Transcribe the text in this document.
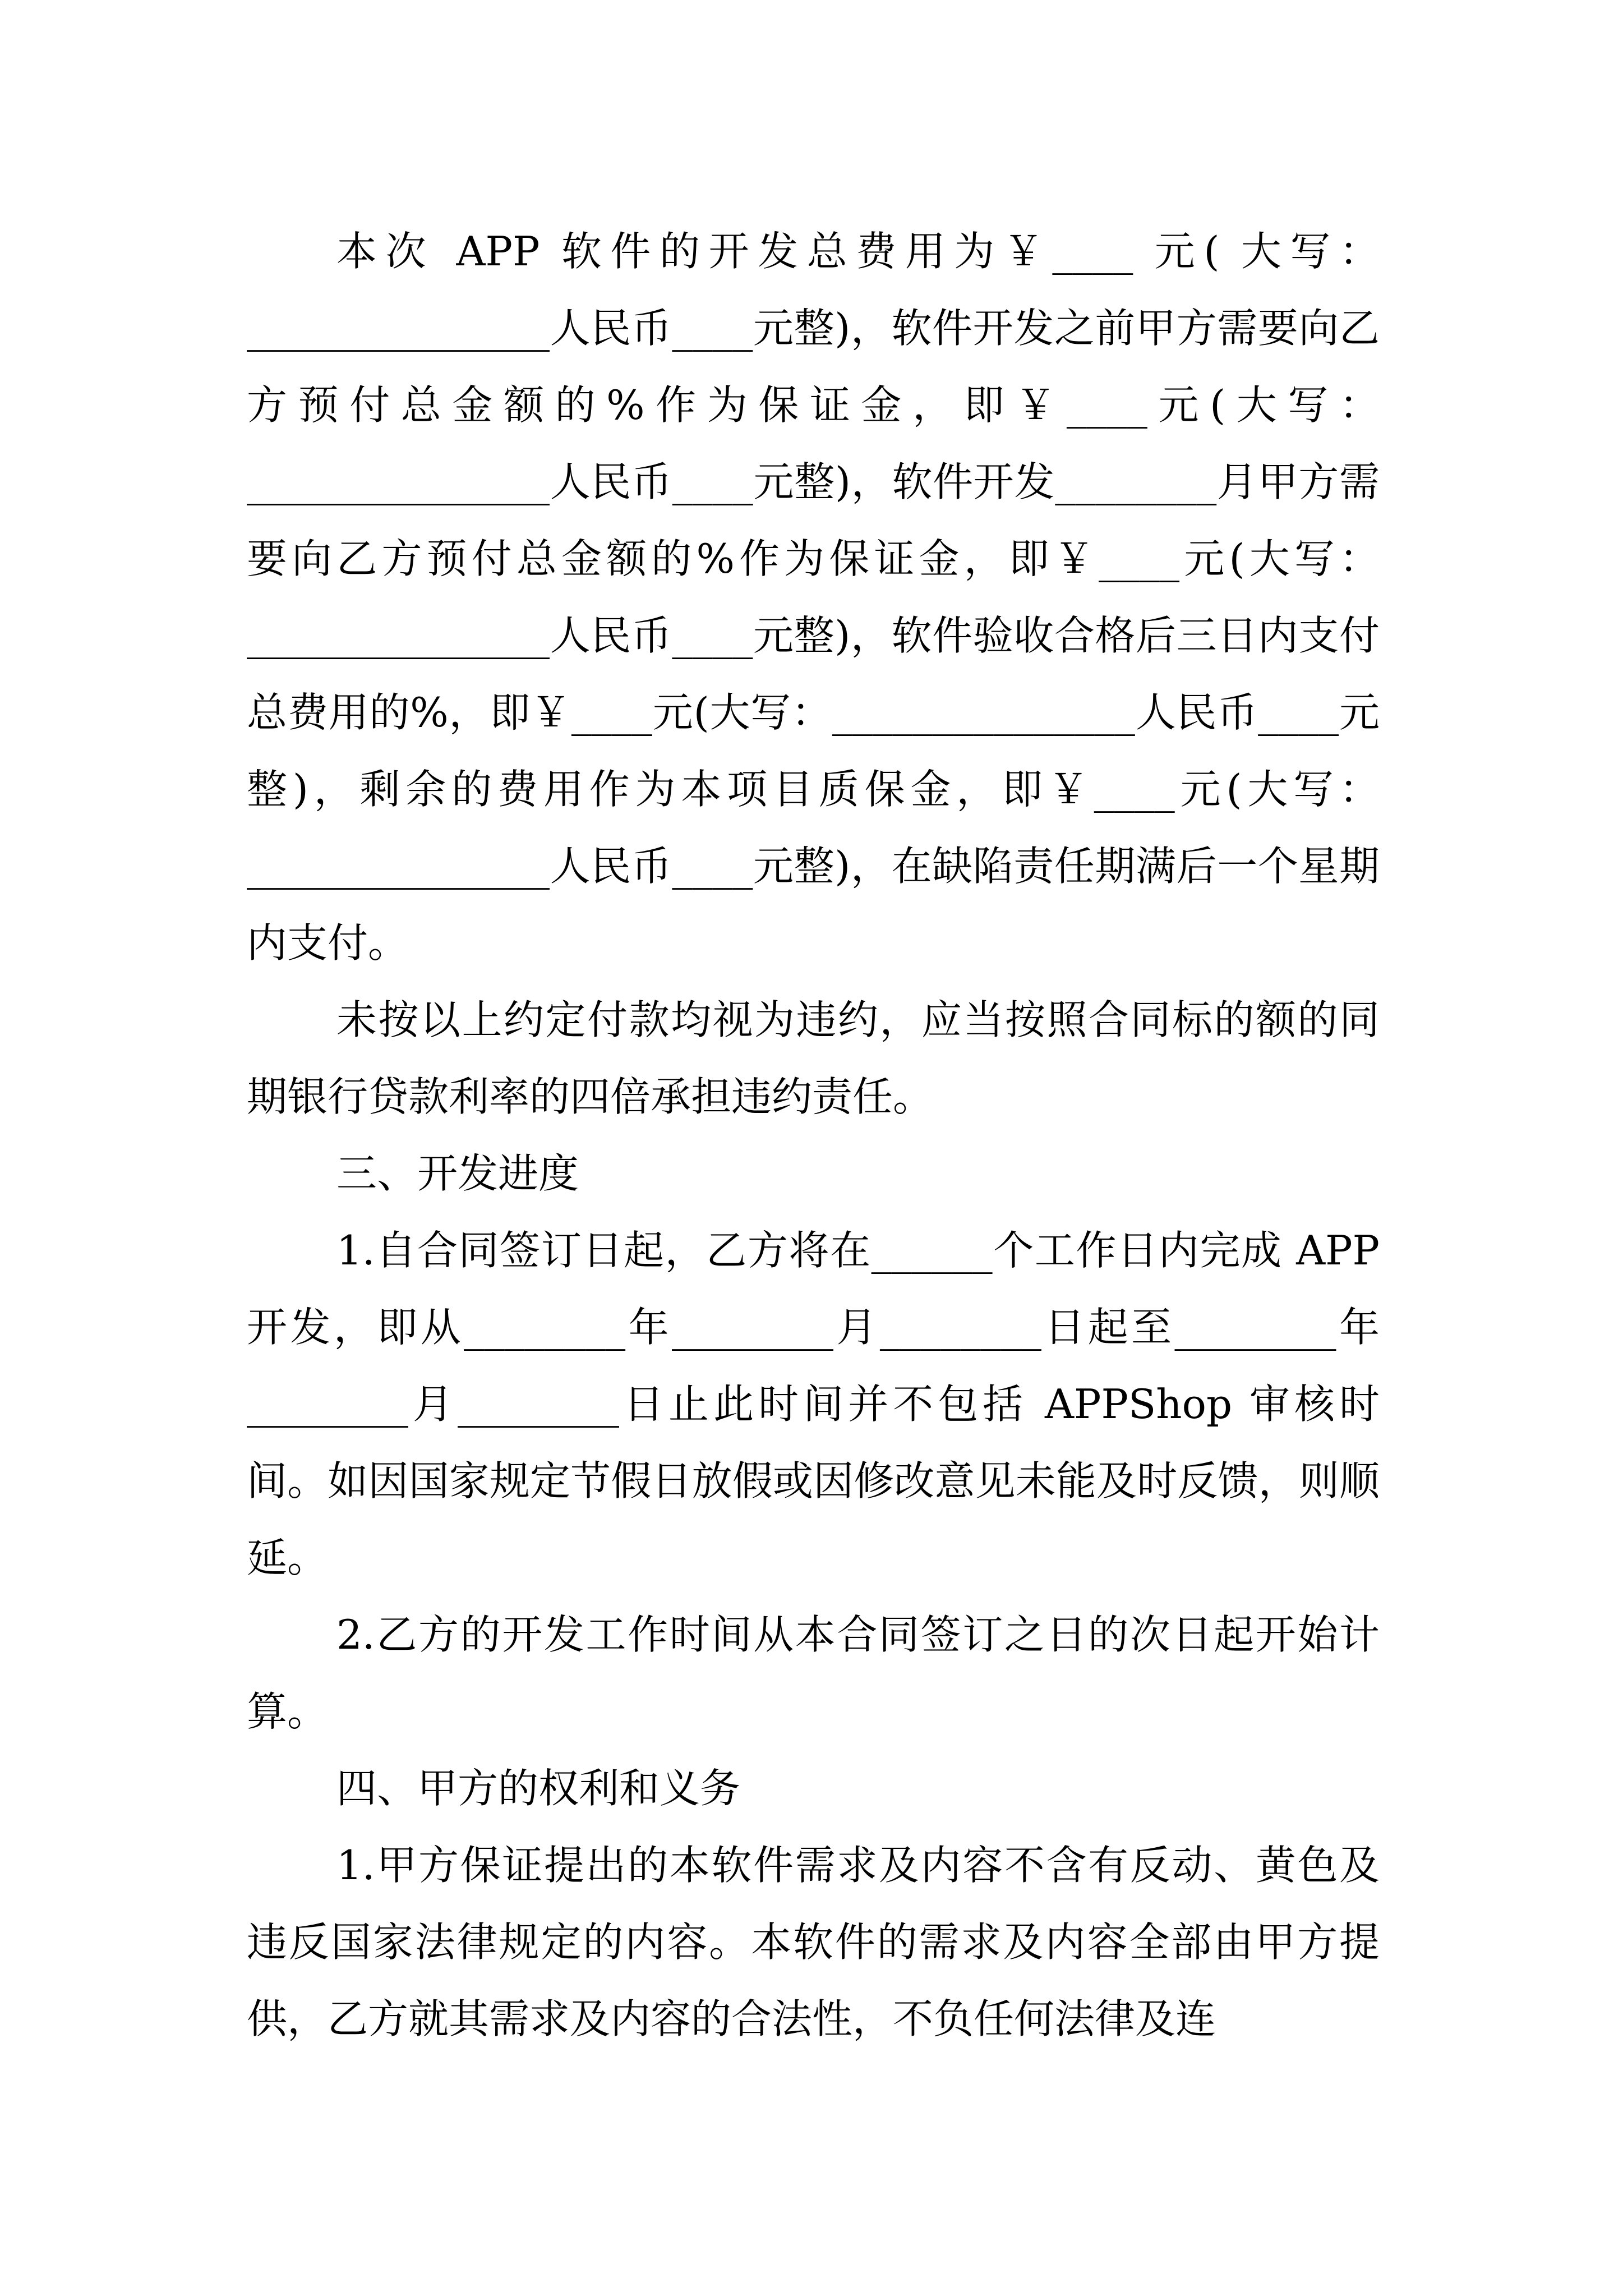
本次 APP 软件的开发总费用为￥____ 元( 大写：_______________人民币____元整)，软件开发之前甲方需要向乙方预付总金额的%作为保证金，即￥____元(大写：_______________人民币____元整)，软件开发________月甲方需要向乙方预付总金额的%作为保证金，即￥____元(大写：_______________人民币____元整)，软件验收合格后三日内支付总费用的%，即￥____元(大写：_______________人民币____元整)，剩余的费用作为本项目质保金，即￥____元(大写：_______________人民币____元整)，在缺陷责任期满后一个星期内支付。

未按以上约定付款均视为违约，应当按照合同标的额的同期银行贷款利率的四倍承担违约责任。

三、开发进度

1.自合同签订日起，乙方将在______个工作日内完成 APP 开发，即从________年________月________日起至________年________月________日止此时间并不包括 APPShop 审核时间。如因国家规定节假日放假或因修改意见未能及时反馈，则顺延。

2.乙方的开发工作时间从本合同签订之日的次日起开始计算。

四、甲方的权利和义务

1.甲方保证提出的本软件需求及内容不含有反动、黄色及违反国家法律规定的内容。本软件的需求及内容全部由甲方提供，乙方就其需求及内容的合法性，不负任何法律及连
